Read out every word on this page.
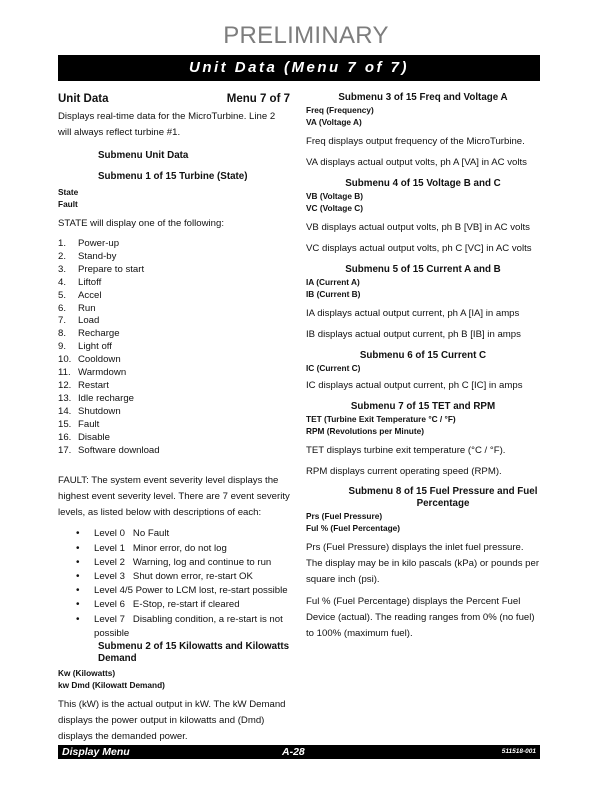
PRELIMINARY
Unit Data (Menu 7 of 7)
Unit Data	Menu 7 of 7

Displays real-time data for the MicroTurbine. Line 2 will always reflect turbine #1.

Submenu Unit Data

Submenu 1 of 15 Turbine (State)

State
Fault

STATE will display one of the following:

1.	Power-up
2.	Stand-by
3.	Prepare to start
4.	Liftoff
5.	Accel
6.	Run
7.	Load
8.	Recharge
9.	Light off
10. Cooldown
11. Warmdown
12. Restart
13. Idle recharge
14. Shutdown
15. Fault
16. Disable
17. Software download

FAULT: The system event severity level displays the highest event severity level. There are 7 event severity levels, as listed below with descriptions of each:

•	Level 0   No Fault
•	Level 1   Minor error, do not log
•	Level 2   Warning, log and continue to run
•	Level 3   Shut down error, re-start OK
•	Level 4/5 Power to LCM lost, re-start possible
•	Level 6   E-Stop, re-start if cleared
•	Level 7   Disabling condition, a re-start is not possible

Submenu 2 of 15 Kilowatts and Kilowatts Demand

Kw (Kilowatts)
kw Dmd (Kilowatt Demand)

This (kW) is the actual output in kW. The kW Demand displays the power output in kilowatts and (Dmd) displays the demanded power.

Submenu 3 of 15 Freq and Voltage A

Freq (Frequency)
VA (Voltage A)

Freq displays output frequency of the MicroTurbine.

VA displays actual output volts, ph A [VA] in AC volts

Submenu 4 of 15 Voltage B and C

VB (Voltage B)
VC (Voltage C)

VB displays actual output volts, ph B [VB] in AC volts

VC displays actual output volts, ph C [VC] in AC volts

Submenu 5 of 15 Current A and B

IA (Current A)
IB (Current B)

IA displays actual output current, ph A [IA] in amps

IB displays actual output current, ph B [IB] in amps

Submenu 6 of 15 Current C

IC (Current C)

IC displays actual output current, ph C [IC] in amps

Submenu 7 of 15 TET and RPM

TET (Turbine Exit Temperature °C / °F)
RPM (Revolutions per Minute)

TET displays turbine exit temperature (°C / °F).

RPM displays current operating speed (RPM).

Submenu 8 of 15 Fuel Pressure and Fuel Percentage

Prs (Fuel Pressure)
Ful % (Fuel Percentage)

Prs (Fuel Pressure) displays the inlet fuel pressure. The display may be in kilo pascals (kPa) or pounds per square inch (psi).

Ful % (Fuel Percentage) displays the Percent Fuel Device (actual). The reading ranges from 0% (no fuel) to 100% (maximum fuel).

Display Menu	A-28	511518-001
